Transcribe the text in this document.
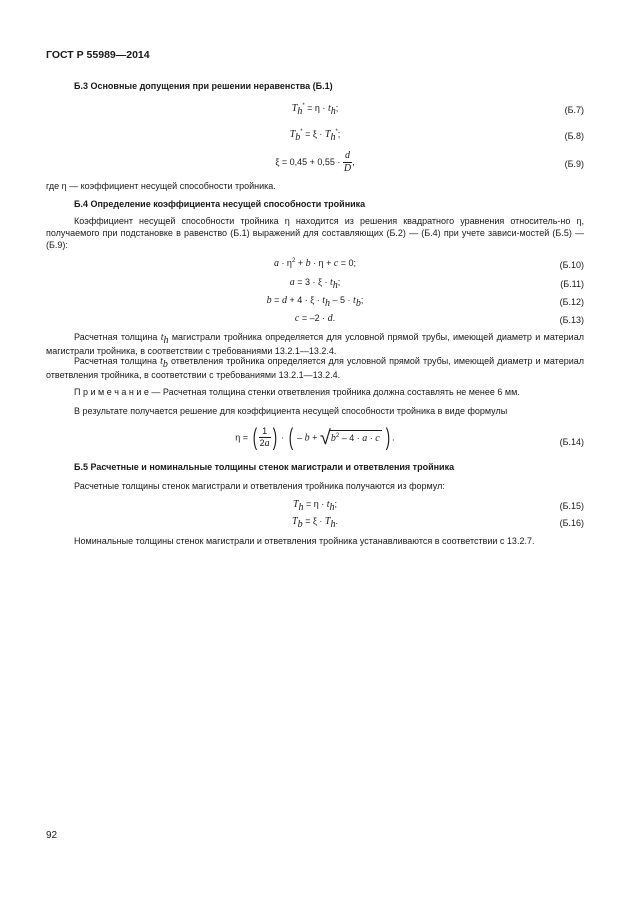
ГОСТ Р 55989—2014
Б.3 Основные допущения при решении неравенства (Б.1)
$T_h^* = \eta \cdot t_h$;	(Б.7)
$T_b^* = \xi \cdot T_h^*$;	(Б.8)
$\xi = 0,45 + 0,55 \cdot \frac{d}{D}$ ,	(Б.9)
где η — коэффициент несущей способности тройника.
Б.4 Определение коэффициента несущей способности тройника
Коэффициент несущей способности тройника η находится из решения квадратного уравнения относитель-но η, получаемого при подстановке в равенство (Б.1) выражений для составляющих (Б.2) — (Б.4) при учете зависи-мостей (Б.5) — (Б.9):
$a \cdot \eta^2 + b \cdot \eta + c = 0$;	(Б.10)
$a = 3 \cdot \xi \cdot t_h$;	(Б.11)
$b = d + 4 \cdot \xi \cdot t_h - 5 \cdot t_b$;	(Б.12)
c = –2 · d.	(Б.13)
Расчетная толщина $t_h$ магистрали тройника определяется для условной прямой трубы, имеющей диаметр и материал магистрали тройника, в соответствии с требованиями 13.2.1—13.2.4.
Расчетная толщина $t_b$ ответвления тройника определяется для условной прямой трубы, имеющей диаметр и материал ответвления тройника, в соответствии с требованиями 13.2.1—13.2.4.
П р и м е ч а н и е — Расчетная толщина стенки ответвления тройника должна составлять не менее 6 мм.
В результате получается решение для коэффициента несущей способности тройника в виде формулы
η = ( $\frac{1}{2a}$ ) · ( – $b + √b^2 - 4 \cdot a \cdot c$ ) .	(Б.14)
Б.5 Расчетные и номинальные толщины стенок магистрали и ответвления тройника
Расчетные толщины стенок магистрали и ответвления тройника получаются из формул:
$T_h = \eta \cdot t_h$;	(Б.15)
$T_b = \xi \cdot T_h$.	(Б.16)
Номинальные толщины стенок магистрали и ответвления тройника устанавливаются в соответствии с 13.2.7.
92
